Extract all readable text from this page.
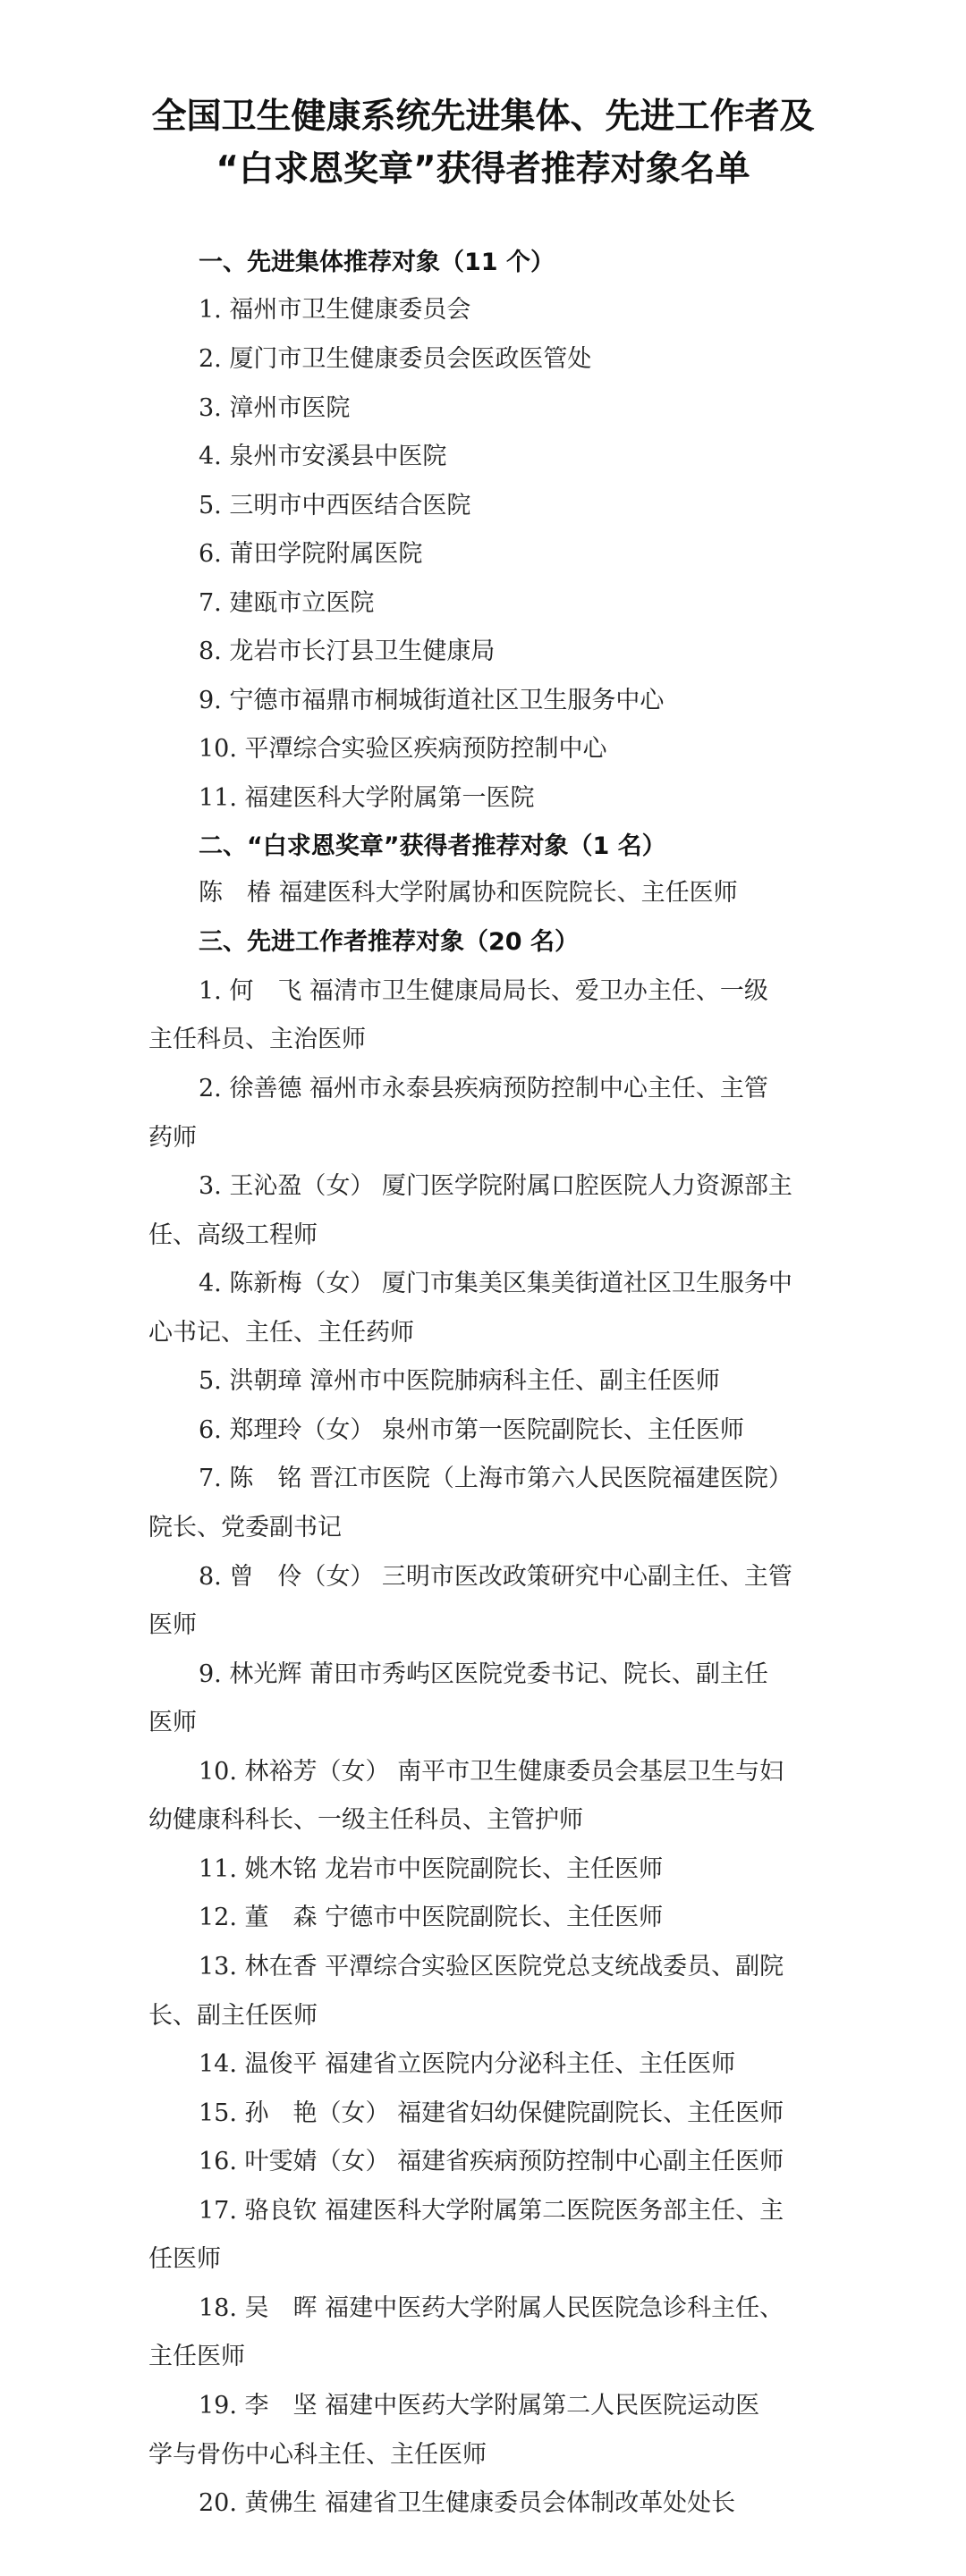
全国卫生健康系统先进集体、先进工作者及
“白求恩奖章”获得者推荐对象名单
一、先进集体推荐对象（11 个）
1. 福州市卫生健康委员会
2. 厦门市卫生健康委员会医政医管处
3. 漳州市医院
4. 泉州市安溪县中医院
5. 三明市中西医结合医院
6. 莆田学院附属医院
7. 建瓯市立医院
8. 龙岩市长汀县卫生健康局
9. 宁德市福鼎市桐城街道社区卫生服务中心
10. 平潭综合实验区疾病预防控制中心
11. 福建医科大学附属第一医院
二、“白求恩奖章”获得者推荐对象（1 名）
陈　椿 福建医科大学附属协和医院院长、主任医师
三、先进工作者推荐对象（20 名）
1. 何　飞 福清市卫生健康局局长、爱卫办主任、一级
主任科员、主治医师
2. 徐善德 福州市永泰县疾病预防控制中心主任、主管
药师
3. 王沁盈（女） 厦门医学院附属口腔医院人力资源部主
任、高级工程师
4. 陈新梅（女） 厦门市集美区集美街道社区卫生服务中
心书记、主任、主任药师
5. 洪朝璋 漳州市中医院肺病科主任、副主任医师
6. 郑理玲（女） 泉州市第一医院副院长、主任医师
7. 陈　铭 晋江市医院（上海市第六人民医院福建医院）
院长、党委副书记
8. 曾　伶（女） 三明市医改政策研究中心副主任、主管
医师
9. 林光辉 莆田市秀屿区医院党委书记、院长、副主任
医师
10. 林裕芳（女） 南平市卫生健康委员会基层卫生与妇
幼健康科科长、一级主任科员、主管护师
11. 姚木铭 龙岩市中医院副院长、主任医师
12. 董　森 宁德市中医院副院长、主任医师
13. 林在香 平潭综合实验区医院党总支统战委员、副院
长、副主任医师
14. 温俊平 福建省立医院内分泌科主任、主任医师
15. 孙　艳（女） 福建省妇幼保健院副院长、主任医师
16. 叶雯婧（女） 福建省疾病预防控制中心副主任医师
17. 骆良钦 福建医科大学附属第二医院医务部主任、主
任医师
18. 吴　晖 福建中医药大学附属人民医院急诊科主任、
主任医师
19. 李　坚 福建中医药大学附属第二人民医院运动医
学与骨伤中心科主任、主任医师
20. 黄佛生 福建省卫生健康委员会体制改革处处长
